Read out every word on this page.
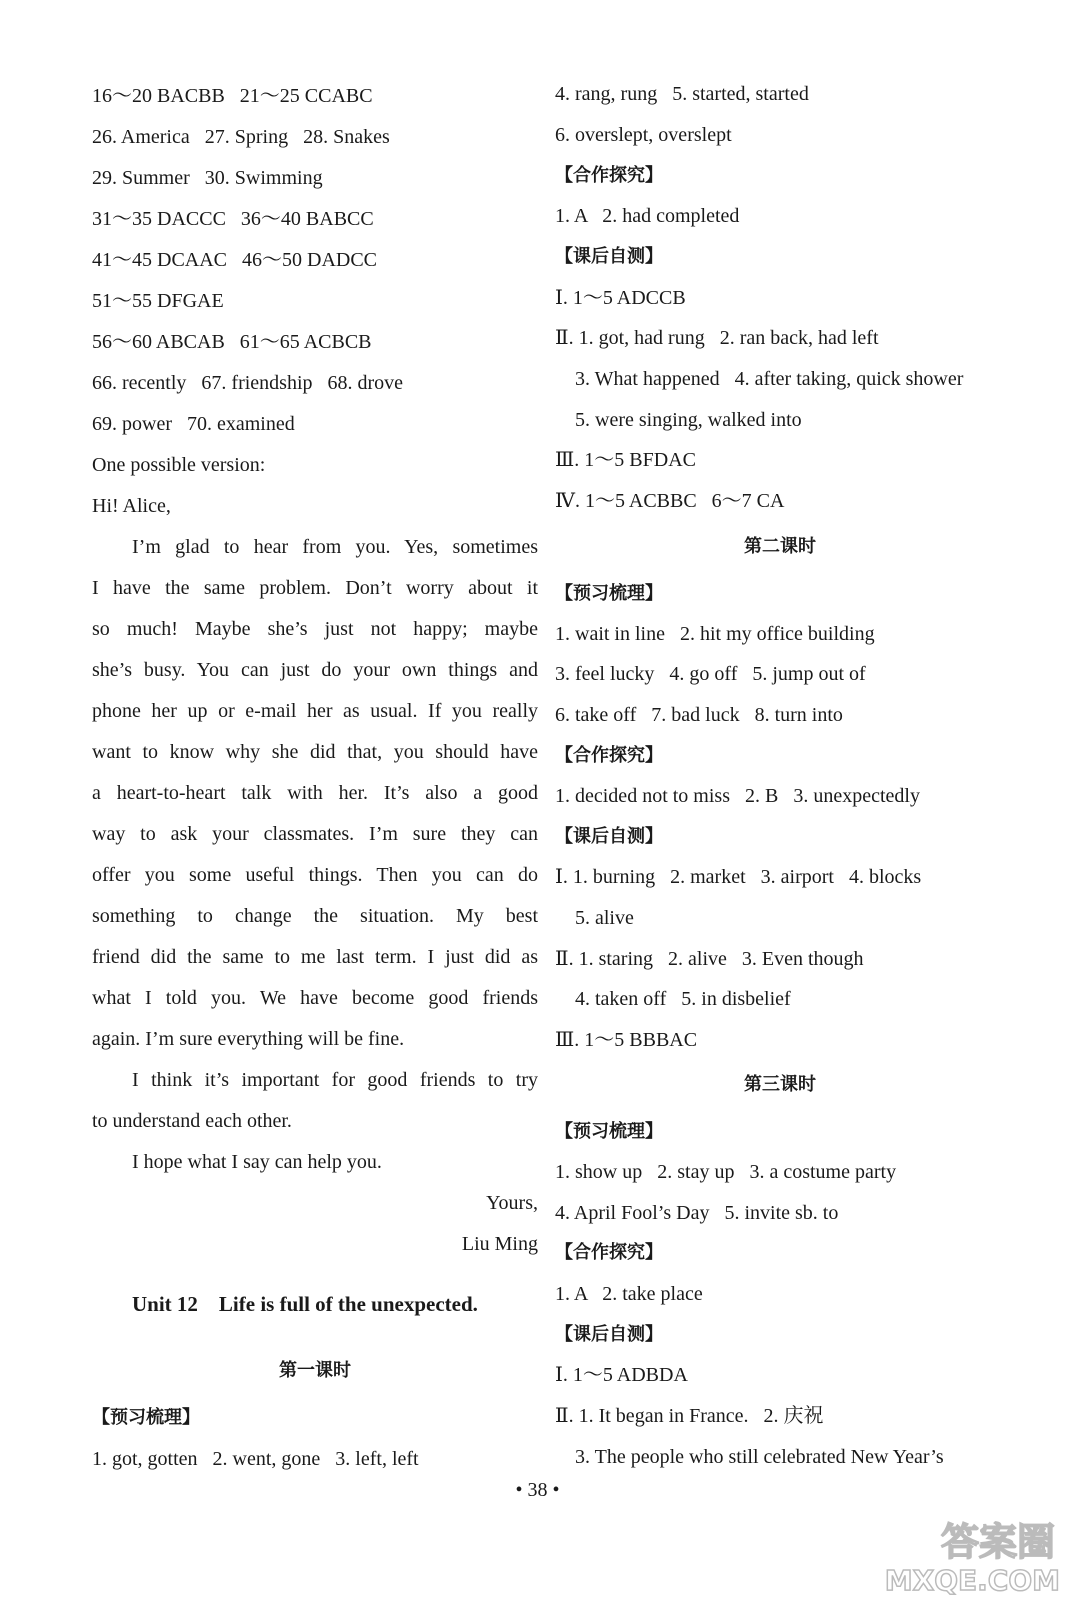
16～20 BACBB   21～25 CCABC
26. America   27. Spring   28. Snakes
29. Summer   30. Swimming
31～35 DACCC   36～40 BABCC
41～45 DCAAC   46～50 DADCC
51～55 DFGAE
56～60 ABCAB   61～65 ACBCB
66. recently   67. friendship   68. drove
69. power   70. examined
One possible version:
Hi! Alice,
I’m glad to hear from you. Yes, sometimes
I have the same problem. Don’t worry about it
so much! Maybe she’s just not happy; maybe
she’s busy. You can just do your own things and
phone her up or e-mail her as usual. If you really
want to know why she did that, you should have
a heart-to-heart talk with her. It’s also a good
way to ask your classmates. I’m sure they can
offer you some useful things. Then you can do
something to change the situation. My best
friend did the same to me last term. I just did as
what I told you. We have become good friends
again. I’m sure everything will be fine.
I think it’s important for good friends to try
to understand each other.
I hope what I say can help you.
Yours,
Liu Ming
Unit 12    Life is full of the unexpected.
第一课时
【预习梳理】
1. got, gotten   2. went, gone   3. left, left
4. rang, rung   5. started, started
6. overslept, overslept
【合作探究】
1. A   2. had completed
【课后自测】
Ⅰ. 1～5 ADCCB
Ⅱ. 1. got, had rung   2. ran back, had left
3. What happened   4. after taking, quick shower
5. were singing, walked into
Ⅲ. 1～5 BFDAC
Ⅳ. 1～5 ACBBC   6～7 CA
第二课时
【预习梳理】
1. wait in line   2. hit my office building
3. feel lucky   4. go off   5. jump out of
6. take off   7. bad luck   8. turn into
【合作探究】
1. decided not to miss   2. B   3. unexpectedly
【课后自测】
Ⅰ. 1. burning   2. market   3. airport   4. blocks
5. alive
Ⅱ. 1. staring   2. alive   3. Even though
4. taken off   5. in disbelief
Ⅲ. 1～5 BBBAC
第三课时
【预习梳理】
1. show up   2. stay up   3. a costume party
4. April Fool’s Day   5. invite sb. to
【合作探究】
1. A   2. take place
【课后自测】
Ⅰ. 1～5 ADBDA
Ⅱ. 1. It began in France.   2. 庆祝
3. The people who still celebrated New Year’s
• 38 •
答案圈
MXQE.COM
